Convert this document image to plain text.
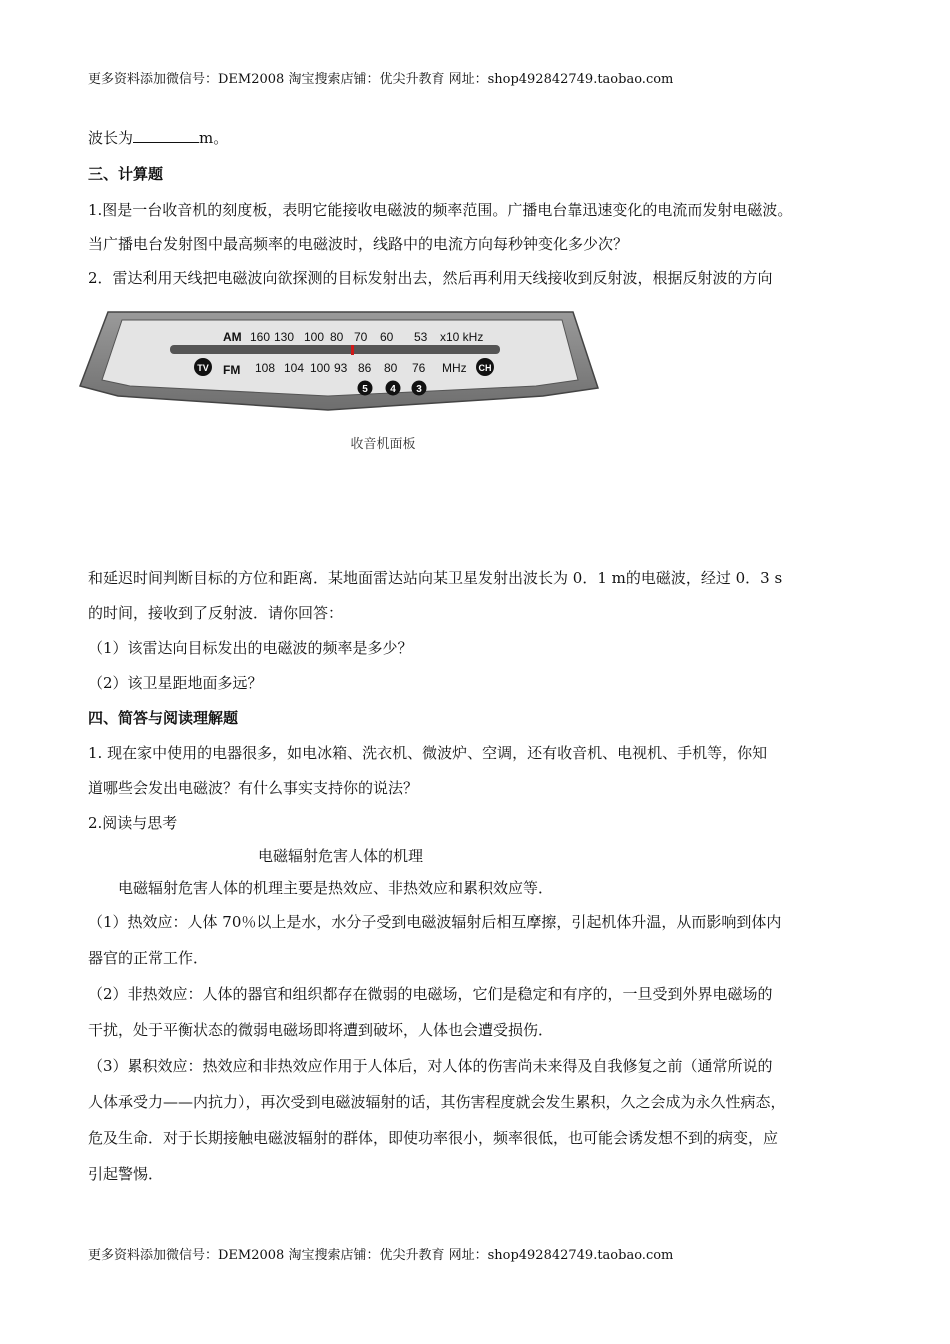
更多资料添加微信号：DEM2008 淘宝搜索店铺：优尖升教育 网址：shop492842749.taobao.com
波长为	m。
三、计算题
1.图是一台收音机的刻度板，表明它能接收电磁波的频率范围。广播电台靠迅速变化的电流而发射电磁波。
当广播电台发射图中最高频率的电磁波时，线路中的电流方向每秒钟变化多少次？
2．雷达利用天线把电磁波向欲探测的目标发射出去，然后再利用天线接收到反射波，根据反射波的方向
AM 160 130 100 80 70 60 53 x10 kHz
TV FM 108 104 100 93 86 80 76 MHz CH
5 4 3
收音机面板
和延迟时间判断目标的方位和距离．某地面雷达站向某卫星发射出波长为 0．1 m的电磁波，经过 0．3 s
的时间，接收到了反射波．请你回答：
（1）该雷达向目标发出的电磁波的频率是多少？
（2）该卫星距地面多远？
四、简答与阅读理解题
1. 现在家中使用的电器很多，如电冰箱、洗衣机、微波炉、空调，还有收音机、电视机、手机等，你知
道哪些会发出电磁波？有什么事实支持你的说法？
2.阅读与思考
电磁辐射危害人体的机理
电磁辐射危害人体的机理主要是热效应、非热效应和累积效应等．
（1）热效应：人体 70％以上是水，水分子受到电磁波辐射后相互摩擦，引起机体升温，从而影响到体内
器官的正常工作．
（2）非热效应：人体的器官和组织都存在微弱的电磁场，它们是稳定和有序的，一旦受到外界电磁场的
干扰，处于平衡状态的微弱电磁场即将遭到破坏，人体也会遭受损伤．
（3）累积效应：热效应和非热效应作用于人体后，对人体的伤害尚未来得及自我修复之前（通常所说的
人体承受力——内抗力），再次受到电磁波辐射的话，其伤害程度就会发生累积，久之会成为永久性病态，
危及生命．对于长期接触电磁波辐射的群体，即使功率很小，频率很低，也可能会诱发想不到的病变，应
引起警惕．
更多资料添加微信号：DEM2008 淘宝搜索店铺：优尖升教育 网址：shop492842749.taobao.com
